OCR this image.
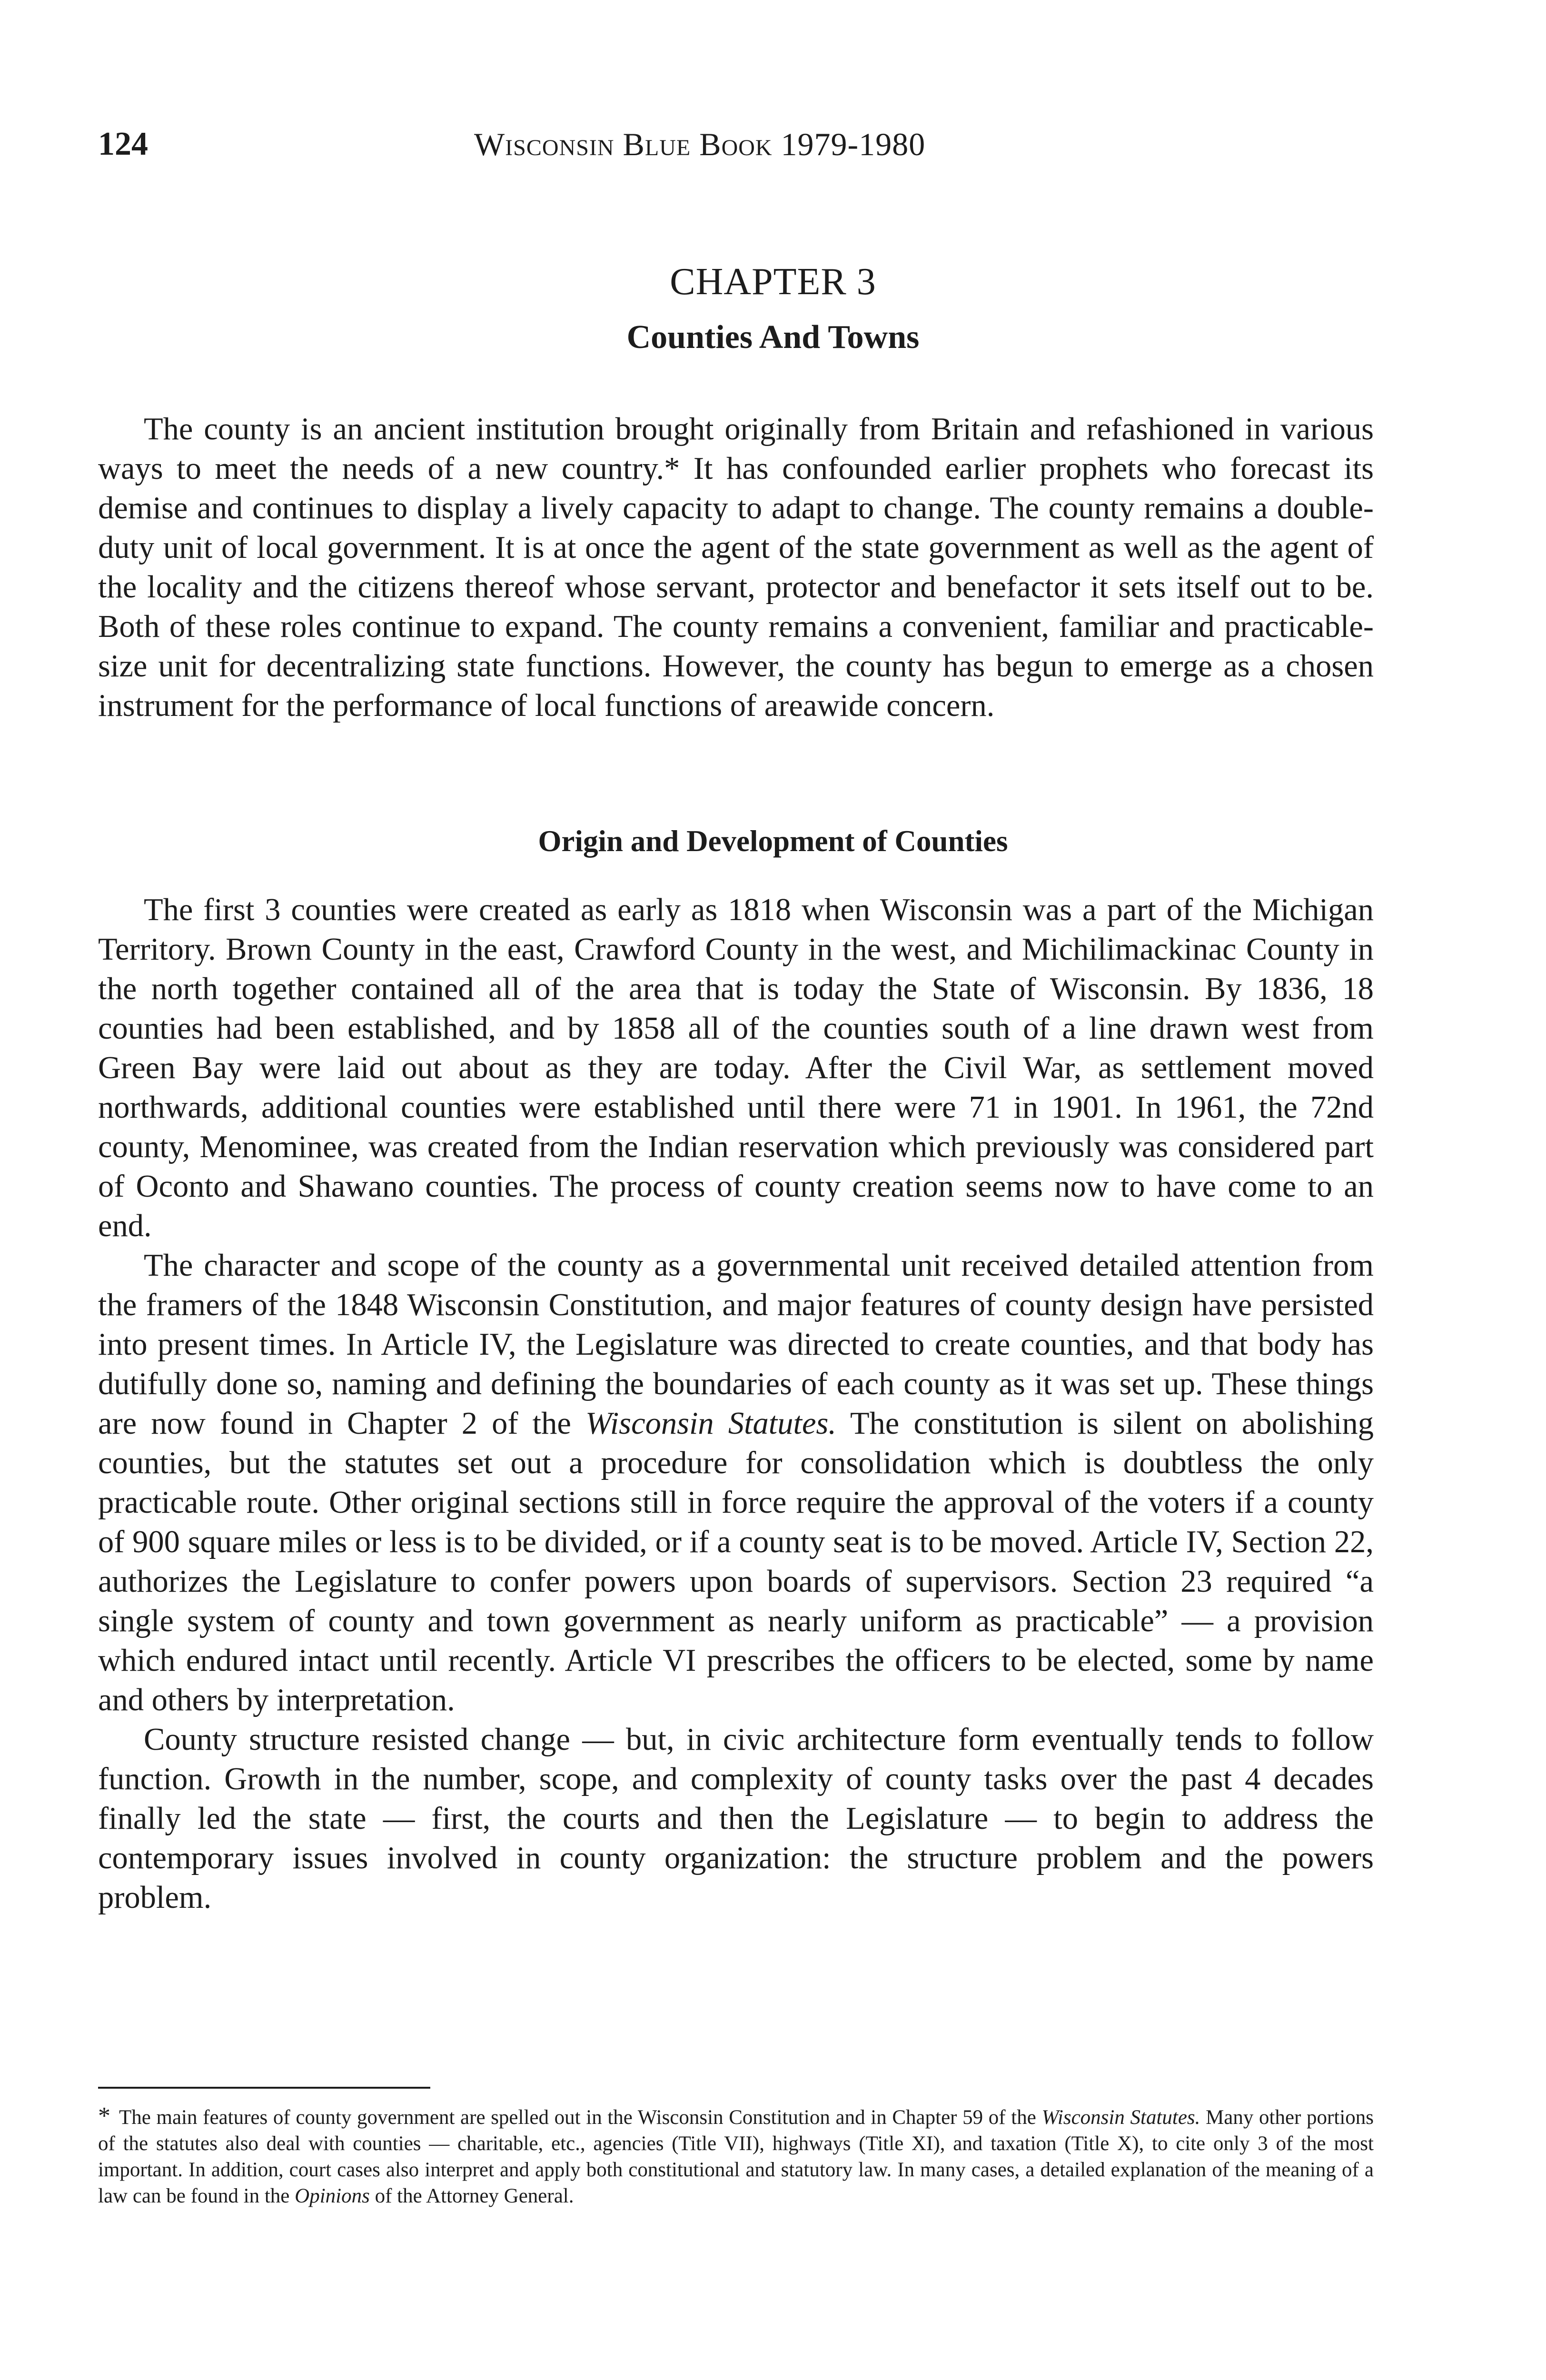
124	Wisconsin Blue Book 1979-1980
CHAPTER 3
Counties And Towns

The county is an ancient institution brought originally from Britain and refashioned in various ways to meet the needs of a new country.* It has confounded earlier prophets who forecast its demise and continues to display a lively capacity to adapt to change. The county remains a double-duty unit of local government. It is at once the agent of the state government as well as the agent of the locality and the citizens thereof whose servant, protector and benefactor it sets itself out to be. Both of these roles continue to expand. The county remains a convenient, familiar and practicable-size unit for decentralizing state functions. However, the county has begun to emerge as a chosen instrument for the performance of local functions of areawide concern.

Origin and Development of Counties

The first 3 counties were created as early as 1818 when Wisconsin was a part of the Michigan Territory. Brown County in the east, Crawford County in the west, and Michilimackinac County in the north together contained all of the area that is today the State of Wisconsin. By 1836, 18 counties had been established, and by 1858 all of the counties south of a line drawn west from Green Bay were laid out about as they are today. After the Civil War, as settlement moved northwards, additional counties were established until there were 71 in 1901. In 1961, the 72nd county, Menominee, was created from the Indian reservation which previously was considered part of Oconto and Shawano counties. The process of county creation seems now to have come to an end.

The character and scope of the county as a governmental unit received detailed attention from the framers of the 1848 Wisconsin Constitution, and major features of county design have persisted into present times. In Article IV, the Legislature was directed to create counties, and that body has dutifully done so, naming and defining the boundaries of each county as it was set up. These things are now found in Chapter 2 of the Wisconsin Statutes. The constitution is silent on abolishing counties, but the statutes set out a procedure for consolidation which is doubtless the only practicable route. Other original sections still in force require the approval of the voters if a county of 900 square miles or less is to be divided, or if a county seat is to be moved. Article IV, Section 22, authorizes the Legislature to confer powers upon boards of supervisors. Section 23 required “a single system of county and town government as nearly uniform as practicable” — a provision which endured intact until recently. Article VI prescribes the officers to be elected, some by name and others by interpretation.

County structure resisted change — but, in civic architecture form eventually tends to follow function. Growth in the number, scope, and complexity of county tasks over the past 4 decades finally led the state — first, the courts and then the Legislature — to begin to address the contemporary issues involved in county organization: the structure problem and the powers problem.

* The main features of county government are spelled out in the Wisconsin Constitution and in Chapter 59 of the Wisconsin Statutes. Many other portions of the statutes also deal with counties — charitable, etc., agencies (Title VII), highways (Title XI), and taxation (Title X), to cite only 3 of the most important. In addition, court cases also interpret and apply both constitutional and statutory law. In many cases, a detailed explanation of the meaning of a law can be found in the Opinions of the Attorney General.
